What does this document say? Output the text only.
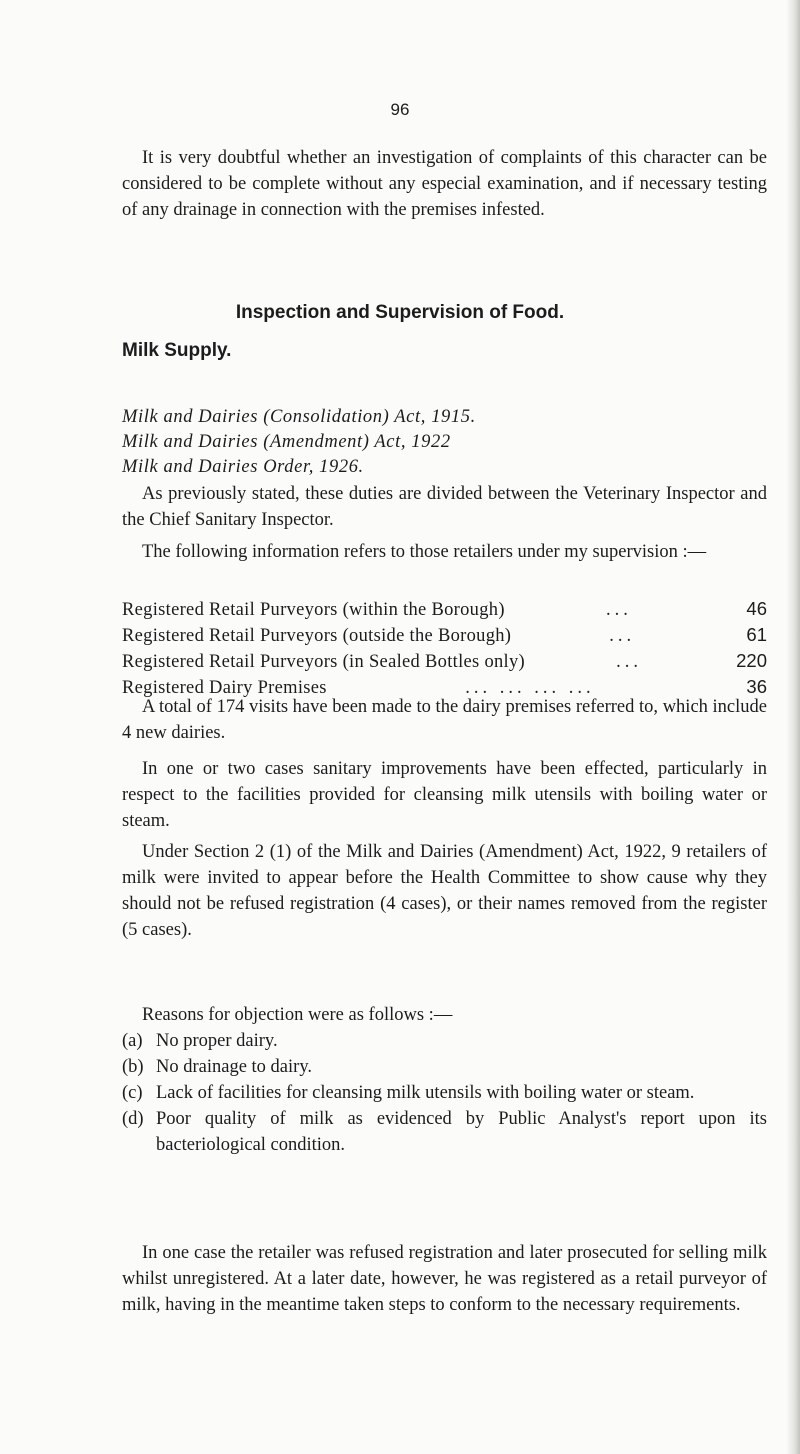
96

It is very doubtful whether an investigation of complaints of this character can be considered to be complete without any especial examination, and if necessary testing of any drainage in connection with the premises infested.

Inspection and Supervision of Food.
Milk Supply.
Milk and Dairies (Consolidation) Act, 1915.
Milk and Dairies (Amendment) Act, 1922
Milk and Dairies Order, 1926.

As previously stated, these duties are divided between the Veterinary Inspector and the Chief Sanitary Inspector.

The following information refers to those retailers under my supervision :—

Registered Retail Purveyors (within the Borough)	...	46
Registered Retail Purveyors (outside the Borough)	...	61
Registered Retail Purveyors (in Sealed Bottles only)	...	220
Registered Dairy Premises	... ... ... ...	36

A total of 174 visits have been made to the dairy premises referred to, which include 4 new dairies.

In one or two cases sanitary improvements have been effected, particularly in respect to the facilities provided for cleansing milk utensils with boiling water or steam.

Under Section 2 (1) of the Milk and Dairies (Amendment) Act, 1922, 9 retailers of milk were invited to appear before the Health Committee to show cause why they should not be refused registration (4 cases), or their names removed from the register (5 cases).

Reasons for objection were as follows :—

(a) No proper dairy.
(b) No drainage to dairy.
(c) Lack of facilities for cleansing milk utensils with boiling water or steam.
(d) Poor quality of milk as evidenced by Public Analyst's report upon its bacteriological condition.

In one case the retailer was refused registration and later prosecuted for selling milk whilst unregistered. At a later date, however, he was registered as a retail purveyor of milk, having in the meantime taken steps to conform to the necessary requirements.
